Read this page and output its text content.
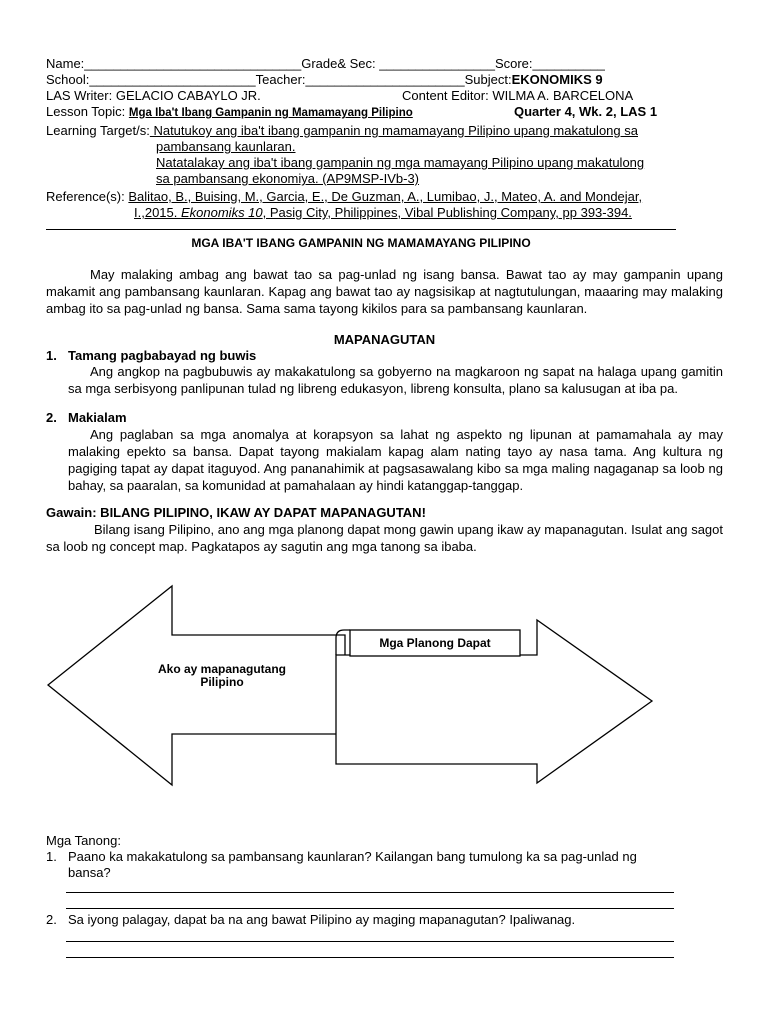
Name:______________________________Grade& Sec: ________________Score:__________
School:_______________________Teacher:______________________Subject:EKONOMIKS 9
LAS Writer: GELACIO CABAYLO JR.	Content Editor: WILMA A. BARCELONA
Lesson Topic: Mga Iba't Ibang Gampanin ng Mamamayang Pilipino	Quarter 4, Wk. 2, LAS 1
Learning Target/s: Natutukoy ang iba't ibang gampanin ng mamamayang Pilipino upang makatulong sa
pambansang kaunlaran.
Natatalakay ang iba't ibang gampanin ng mga mamayang Pilipino upang makatulong
sa pambansang ekonomiya. (AP9MSP-IVb-3)
Reference(s): Balitao, B., Buising, M., Garcia, E., De Guzman, A., Lumibao, J., Mateo, A. and Mondejar,
I.,2015. Ekonomiks 10, Pasig City, Philippines, Vibal Publishing Company, pp 393-394.
MGA IBA'T IBANG GAMPANIN NG MAMAMAYANG PILIPINO
May malaking ambag ang bawat tao sa pag-unlad ng isang bansa. Bawat tao ay may gampanin upang makamit ang pambansang kaunlaran. Kapag ang bawat tao ay nagsisikap at nagtutulungan, maaaring may malaking ambag ito sa pag-unlad ng bansa. Sama sama tayong kikilos para sa pambansang kaunlaran.
MAPANAGUTAN
1. Tamang pagbabayad ng buwis
Ang angkop na pagbubuwis ay makakatulong sa gobyerno na magkaroon ng sapat na halaga upang gamitin sa mga serbisyong panlipunan tulad ng libreng edukasyon, libreng konsulta, plano sa kalusugan at iba pa.
2. Makialam
Ang paglaban sa mga anomalya at korapsyon sa lahat ng aspekto ng lipunan at pamamahala ay may malaking epekto sa bansa. Dapat tayong makialam kapag alam nating tayo ay nasa tama. Ang kultura ng pagiging tapat ay dapat itaguyod. Ang pananahimik at pagsasawalang kibo sa mga maling nagaganap sa loob ng bahay, sa paaralan, sa komunidad at pamahalaan ay hindi katanggap-tanggap.
Gawain: BILANG PILIPINO, IKAW AY DAPAT MAPANAGUTAN!
Bilang isang Pilipino, ano ang mga planong dapat mong gawin upang ikaw ay mapanagutan. Isulat ang sagot sa loob ng concept map. Pagkatapos ay sagutin ang mga tanong sa ibaba.
Mga Planong Dapat
Ako ay mapanagutang
Pilipino
Mga Tanong:
1. Paano ka makakatulong sa pambansang kaunlaran? Kailangan bang tumulong ka sa pag-unlad ng
bansa?
2. Sa iyong palagay, dapat ba na ang bawat Pilipino ay maging mapanagutan? Ipaliwanag.
